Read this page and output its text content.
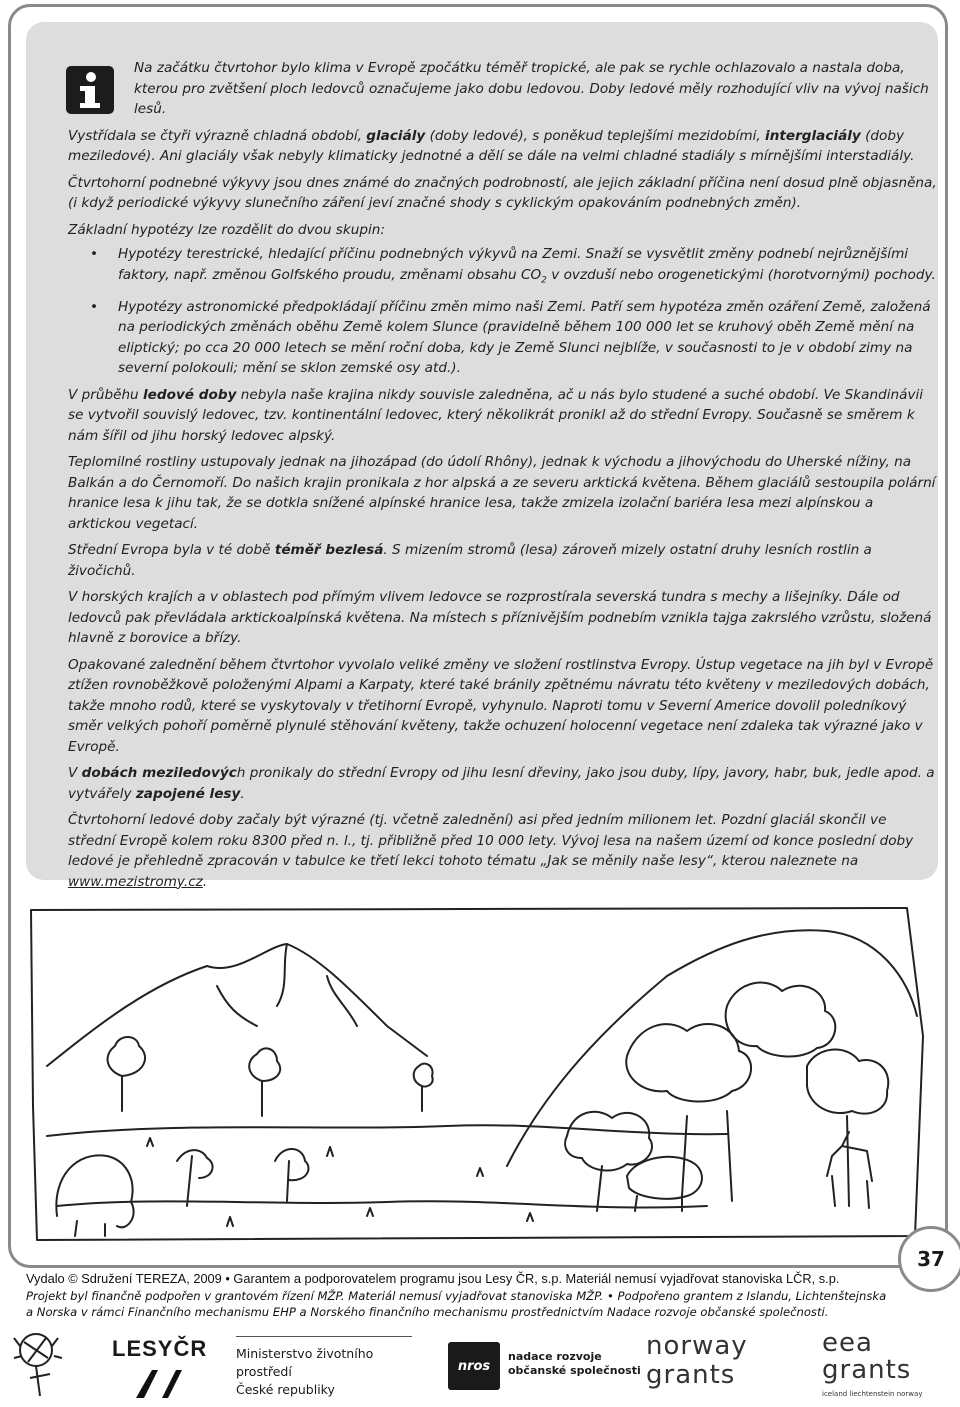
Na začátku čtvrtohor bylo klima v Evropě zpočátku téměř tropické, ale pak se rychle ochlazovalo a nastala doba, kterou pro zvětšení ploch ledovců označujeme jako dobu ledovou. Doby ledové měly rozhodující vliv na vývoj našich lesů.

Vystřídala se čtyři výrazně chladná období, glaciály (doby ledové), s poněkud teplejšími mezidobími, interglaciály (doby meziledové). Ani glaciály však nebyly klimaticky jednotné a dělí se dále na velmi chladné stadiály s mírnějšími interstadiály.

Čtvrtohorní podnebné výkyvy jsou dnes známé do značných podrobností, ale jejich základní příčina není dosud plně objasněna, (i když periodické výkyvy slunečního záření jeví značné shody s cyklickým opakováním podnebných změn).

Základní hypotézy lze rozdělit do dvou skupin:

• Hypotézy terestrické, hledající příčinu podnebných výkyvů na Zemi. Snaží se vysvětlit změny podnebí nejrůznějšími faktory, např. změnou Golfského proudu, změnami obsahu $CO_2$ v ovzduší nebo orogenetickými (horotvornými) pochody.
• Hypotézy astronomické předpokládají příčinu změn mimo naši Zemi. Patří sem hypotéza změn ozáření Země, založená na periodických změnách oběhu Země kolem Slunce (pravidelně během 100 000 let se kruhový oběh Země mění na eliptický; po cca 20 000 letech se mění roční doba, kdy je Země Slunci nejblíže, v současnosti to je v období zimy na severní polokouli; mění se sklon zemské osy atd.).

V průběhu ledové doby nebyla naše krajina nikdy souvisle zaledněna, ač u nás bylo studené a suché období. Ve Skandinávii se vytvořil souvislý ledovec, tzv. kontinentální ledovec, který několikrát pronikl až do střední Evropy. Současně se směrem k nám šířil od jihu horský ledovec alpský.

Teplomilné rostliny ustupovaly jednak na jihozápad (do údolí Rhôny), jednak k východu a jihovýchodu do Uherské nížiny, na Balkán a do Černomoří. Do našich krajin pronikala z hor alpská a ze severu arktická květena. Během glaciálů sestoupila polární hranice lesa k jihu tak, že se dotkla snížené alpínské hranice lesa, takže zmizela izolační bariéra lesa mezi alpínskou a arktickou vegetací.

Střední Evropa byla v té době téměř bezlesá. S mizením stromů (lesa) zároveň mizely ostatní druhy lesních rostlin a živočichů.

V horských krajích a v oblastech pod přímým vlivem ledovce se rozprostírala severská tundra s mechy a lišejníky. Dále od ledovců pak převládala arktickoalpínská květena. Na místech s příznivějším podnebím vznikla tajga zakrslého vzrůstu, složená hlavně z borovice a břízy.

Opakované zalednění během čtvrtohor vyvolalo veliké změny ve složení rostlinstva Evropy. Ústup vegetace na jih byl v Evropě ztížen rovnoběžkově položenými Alpami a Karpaty, které také bránily zpětnému návratu této květeny v meziledových dobách, takže mnoho rodů, které se vyskytovaly v třetihorní Evropě, vyhynulo. Naproti tomu v Severní Americe dovolil poledníkový směr velkých pohoří poměrně plynulé stěhování květeny, takže ochuzení holocenní vegetace není zdaleka tak výrazné jako v Evropě.

V dobách meziledových pronikaly do střední Evropy od jihu lesní dřeviny, jako jsou duby, lípy, javory, habr, buk, jedle apod. a vytvářely zapojené lesy.

Čtvrtohorní ledové doby začaly být výrazné (tj. včetně zalednění) asi před jedním milionem let. Pozdní glaciál skončil ve střední Evropě kolem roku 8300 před n. l., tj. přibližně před 10 000 lety. Vývoj lesa na našem území od konce poslední doby ledové je přehledně zpracován v tabulce ke třetí lekci tohoto tématu „Jak se měnily naše lesy“, kterou naleznete na www.mezistromy.cz.

37
Vydalo © Sdružení TEREZA, 2009 • Garantem a podporovatelem programu jsou Lesy ČR, s.p. Materiál nemusí vyjadřovat stanoviska LČR, s.p.
Projekt byl finančně podpořen v grantovém řízení MŽP. Materiál nemusí vyjadřovat stanoviska MŽP. • Podpořeno grantem z Islandu, Lichtenštejnska
a Norska v rámci Finančního mechanismu EHP a Norského finančního mechanismu prostřednictvím Nadace rozvoje občanské společnosti.
LESYČR Ministerstvo životního prostředí
České republiky
nros
nadace rozvoje
občanské společnosti
norway
grants
eea
grants
iceland liechtenstein norway
